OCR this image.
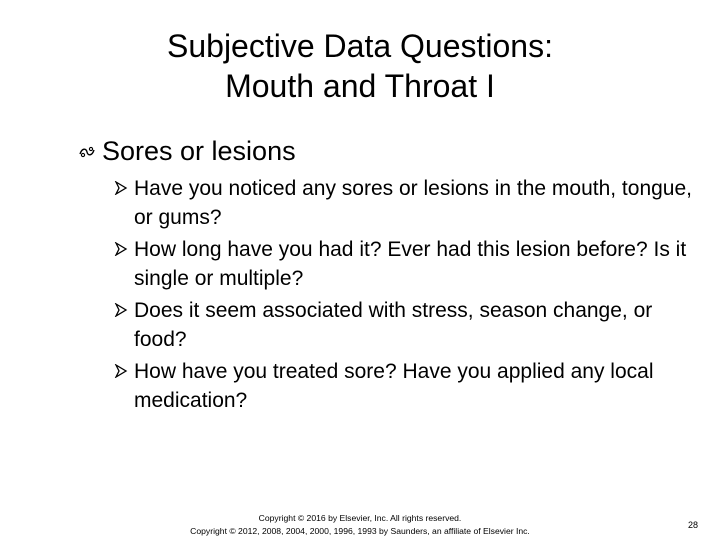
Subjective Data Questions:
Mouth and Throat I
Sores or lesions
Have you noticed any sores or lesions in the mouth, tongue, or gums?
How long have you had it? Ever had this lesion before? Is it single or multiple?
Does it seem associated with stress, season change, or food?
How have you treated sore? Have you applied any local medication?
Copyright © 2016 by Elsevier, Inc. All rights reserved.
Copyright © 2012, 2008, 2004, 2000, 1996, 1993 by Saunders, an affiliate of Elsevier Inc.
28
